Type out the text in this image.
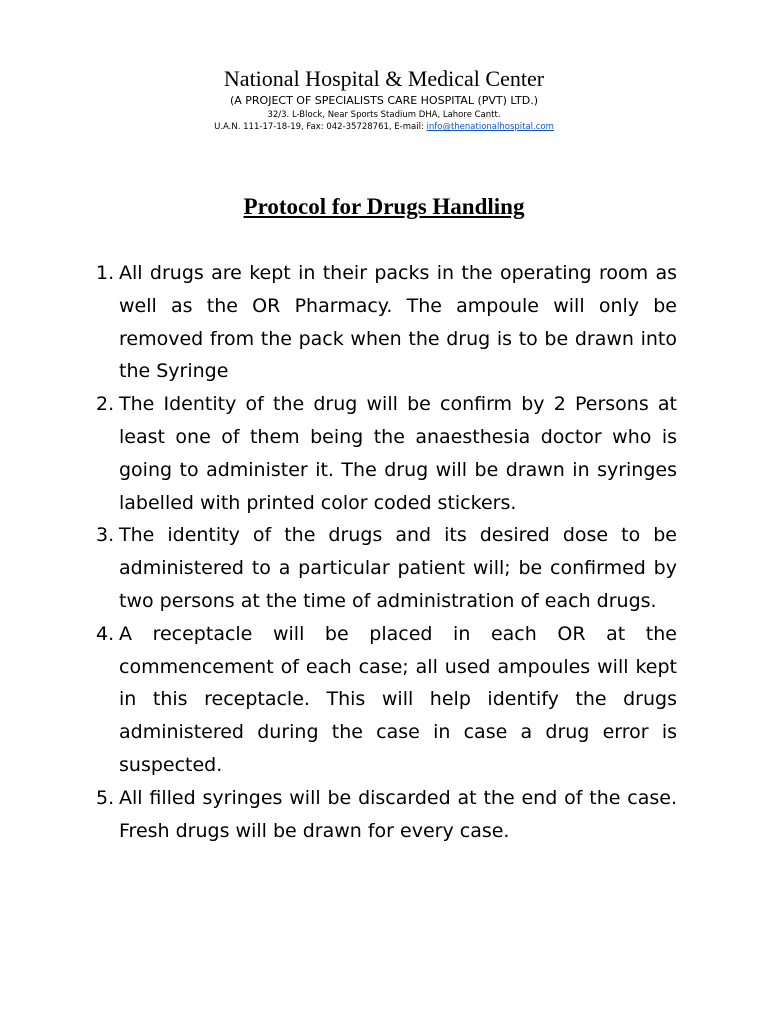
National Hospital & Medical Center

(A PROJECT OF SPECIALISTS CARE HOSPITAL (PVT) LTD.)

32/3. L-Block, Near Sports Stadium DHA, Lahore Cantt.

U.A.N. 111-17-18-19, Fax: 042-35728761, E-mail: info@thenationalhospital.com

Protocol for Drugs Handling
1. All drugs are kept in their packs in the operating room as well as the OR Pharmacy. The ampoule will only be removed from the pack when the drug is to be drawn into the Syringe
2. The Identity of the drug will be confirm by 2 Persons at least one of them being the anaesthesia doctor who is going to administer it. The drug will be drawn in syringes labelled with printed color coded stickers.
3. The identity of the drugs and its desired dose to be administered to a particular patient will; be confirmed by two persons at the time of administration of each drugs.
4. A receptacle will be placed in each OR at the commencement of each case; all used ampoules will kept in this receptacle. This will help identify the drugs administered during the case in case a drug error is suspected.
5. All filled syringes will be discarded at the end of the case. Fresh drugs will be drawn for every case.
